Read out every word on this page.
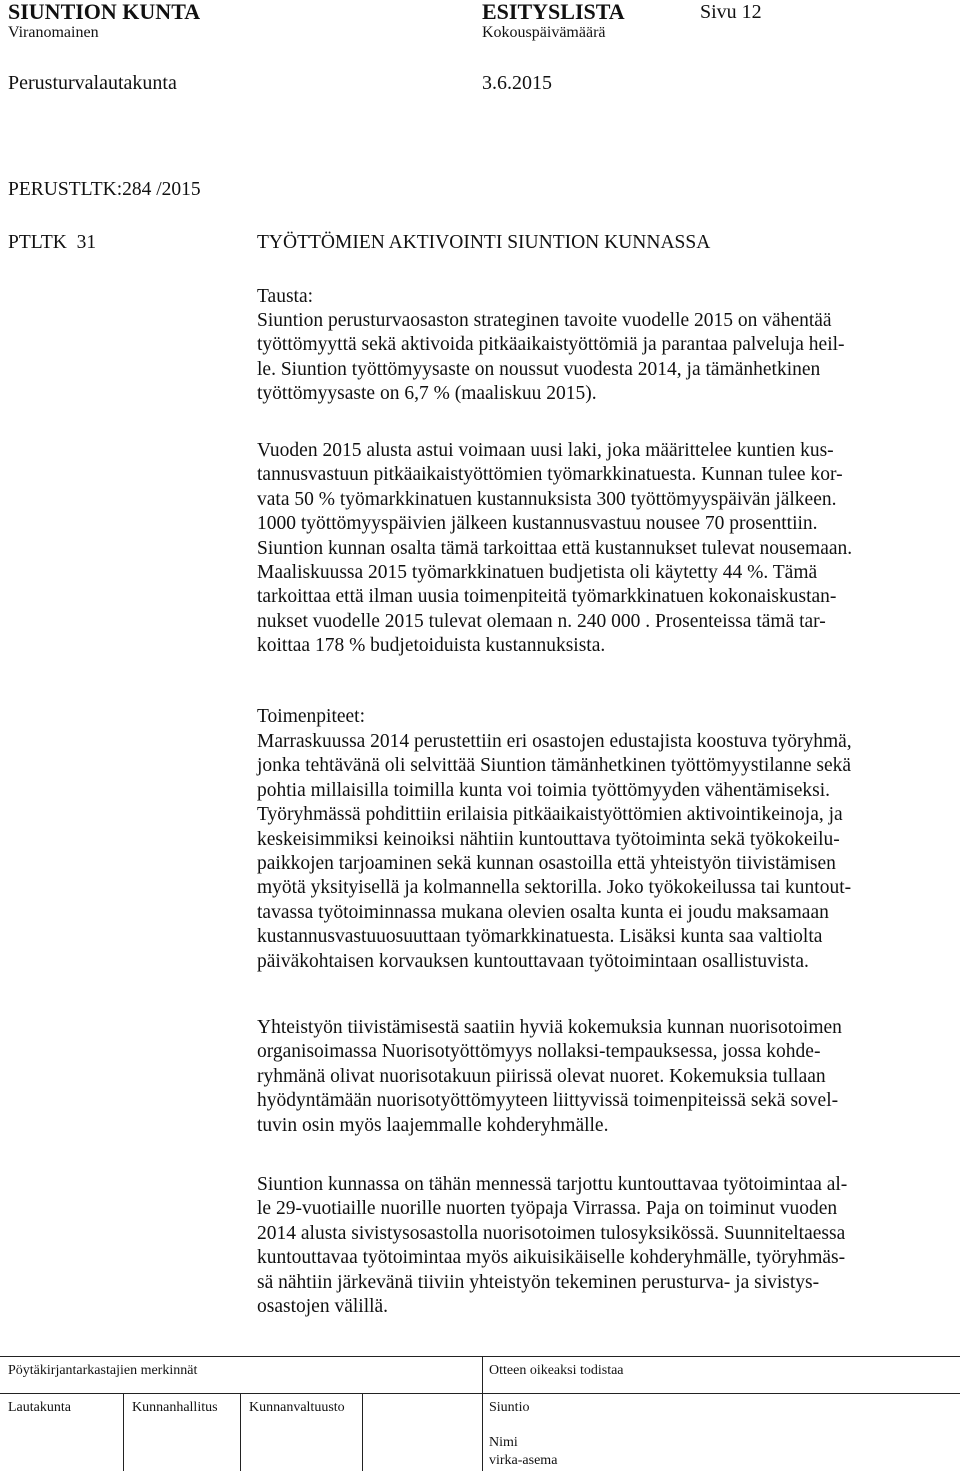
SIUNTION KUNTA	ESITYSLISTA	Sivu 12
Viranomainen	Kokouspäivämäärä
Perusturvalautakunta	3.6.2015
PERUSTLTK:284 /2015
PTLTK  31	TYÖTTÖMIEN AKTIVOINTI SIUNTION KUNNASSA
Tausta:
Siuntion perusturvaosaston strateginen tavoite vuodelle 2015 on vähentää
työttömyyttä sekä aktivoida pitkäaikaistyöttömiä ja parantaa palveluja heil-
le. Siuntion työttömyysaste on noussut vuodesta 2014, ja tämänhetkinen
työttömyysaste on 6,7 % (maaliskuu 2015).
Vuoden 2015 alusta astui voimaan uusi laki, joka määrittelee kuntien kus-
tannusvastuun pitkäaikaistyöttömien työmarkkinatuesta. Kunnan tulee kor-
vata 50 % työmarkkinatuen kustannuksista 300 työttömyyspäivän jälkeen.
1000 työttömyyspäivien jälkeen kustannusvastuu nousee 70 prosenttiin.
Siuntion kunnan osalta tämä tarkoittaa että kustannukset tulevat nousemaan.
Maaliskuussa 2015 työmarkkinatuen budjetista oli käytetty 44 %. Tämä
tarkoittaa että ilman uusia toimenpiteitä työmarkkinatuen kokonaiskustan-
nukset vuodelle 2015 tulevat olemaan n. 240 000 . Prosenteissa tämä tar-
koittaa 178 % budjetoiduista kustannuksista.
Toimenpiteet:
Marraskuussa 2014 perustettiin eri osastojen edustajista koostuva työryhmä,
jonka tehtävänä oli selvittää Siuntion tämänhetkinen työttömyystilanne sekä
pohtia millaisilla toimilla kunta voi toimia työttömyyden vähentämiseksi.
Työryhmässä pohdittiin erilaisia pitkäaikaistyöttömien aktivointikeinoja, ja
keskeisimmiksi keinoiksi nähtiin kuntouttava työtoiminta sekä työkokeilu-
paikkojen tarjoaminen sekä kunnan osastoilla että yhteistyön tiivistämisen
myötä yksityisellä ja kolmannella sektorilla. Joko työkokeilussa tai kuntout-
tavassa työtoiminnassa mukana olevien osalta kunta ei joudu maksamaan
kustannusvastuuosuuttaan työmarkkinatuesta. Lisäksi kunta saa valtiolta
päiväkohtaisen korvauksen kuntouttavaan työtoimintaan osallistuvista.
Yhteistyön tiivistämisestä saatiin hyviä kokemuksia kunnan nuorisotoimen
organisoimassa Nuorisotyöttömyys nollaksi-tempauksessa, jossa kohde-
ryhmänä olivat nuorisotakuun piirissä olevat nuoret. Kokemuksia tullaan
hyödyntämään nuorisotyöttömyyteen liittyvissä toimenpiteissä sekä sovel-
tuvin osin myös laajemmalle kohderyhmälle.
Siuntion kunnassa on tähän mennessä tarjottu kuntouttavaa työtoimintaa al-
le 29-vuotiaille nuorille nuorten työpaja Virrassa. Paja on toiminut vuoden
2014 alusta sivistysosastolla nuorisotoimen tulosyksikössä. Suunniteltaessa
kuntouttavaa työtoimintaa myös aikuisikäiselle kohderyhmälle, työryhmäs-
sä nähtiin järkevänä tiiviin yhteistyön tekeminen perusturva- ja sivistys-
osastojen välillä.
Pöytäkirjantarkastajien merkinnät	Otteen oikeaksi todistaa
Lautakunta	Kunnanhallitus Kunnanvaltuusto	Siuntio
Nimi
virka-asema
